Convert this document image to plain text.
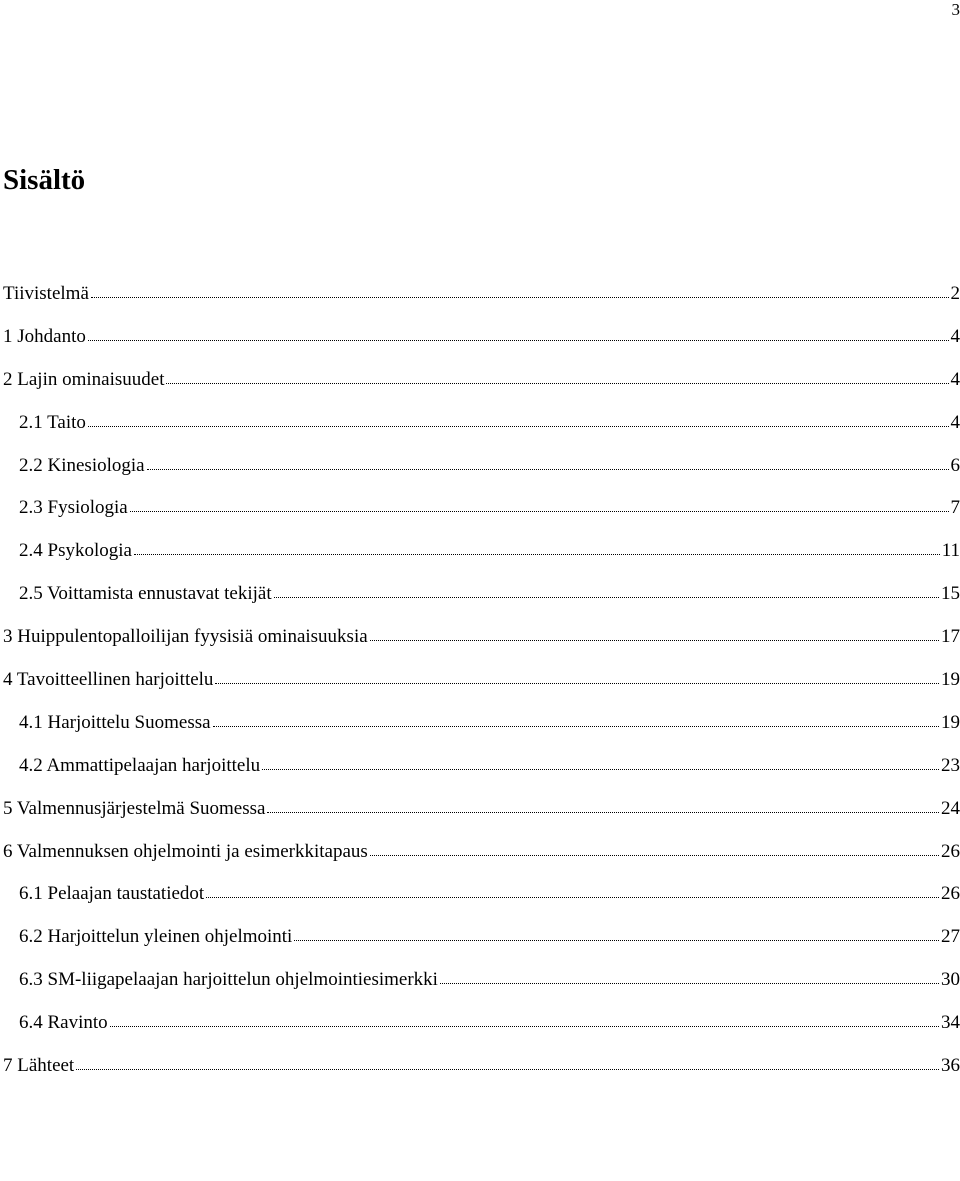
3
Sisältö
Tiivistelmä	2
1 Johdanto	4
2 Lajin ominaisuudet	4
2.1 Taito	4
2.2 Kinesiologia	6
2.3 Fysiologia	7
2.4 Psykologia	11
2.5 Voittamista ennustavat tekijät	15
3 Huippulentopalloilijan fyysisiä ominaisuuksia	17
4 Tavoitteellinen harjoittelu	19
4.1 Harjoittelu Suomessa	19
4.2 Ammattipelaajan harjoittelu	23
5 Valmennusjärjestelmä Suomessa	24
6 Valmennuksen ohjelmointi ja esimerkkitapaus	26
6.1 Pelaajan taustatiedot	26
6.2 Harjoittelun yleinen ohjelmointi	27
6.3 SM-liigapelaajan harjoittelun ohjelmointiesimerkki	30
6.4 Ravinto	34
7 Lähteet	36
